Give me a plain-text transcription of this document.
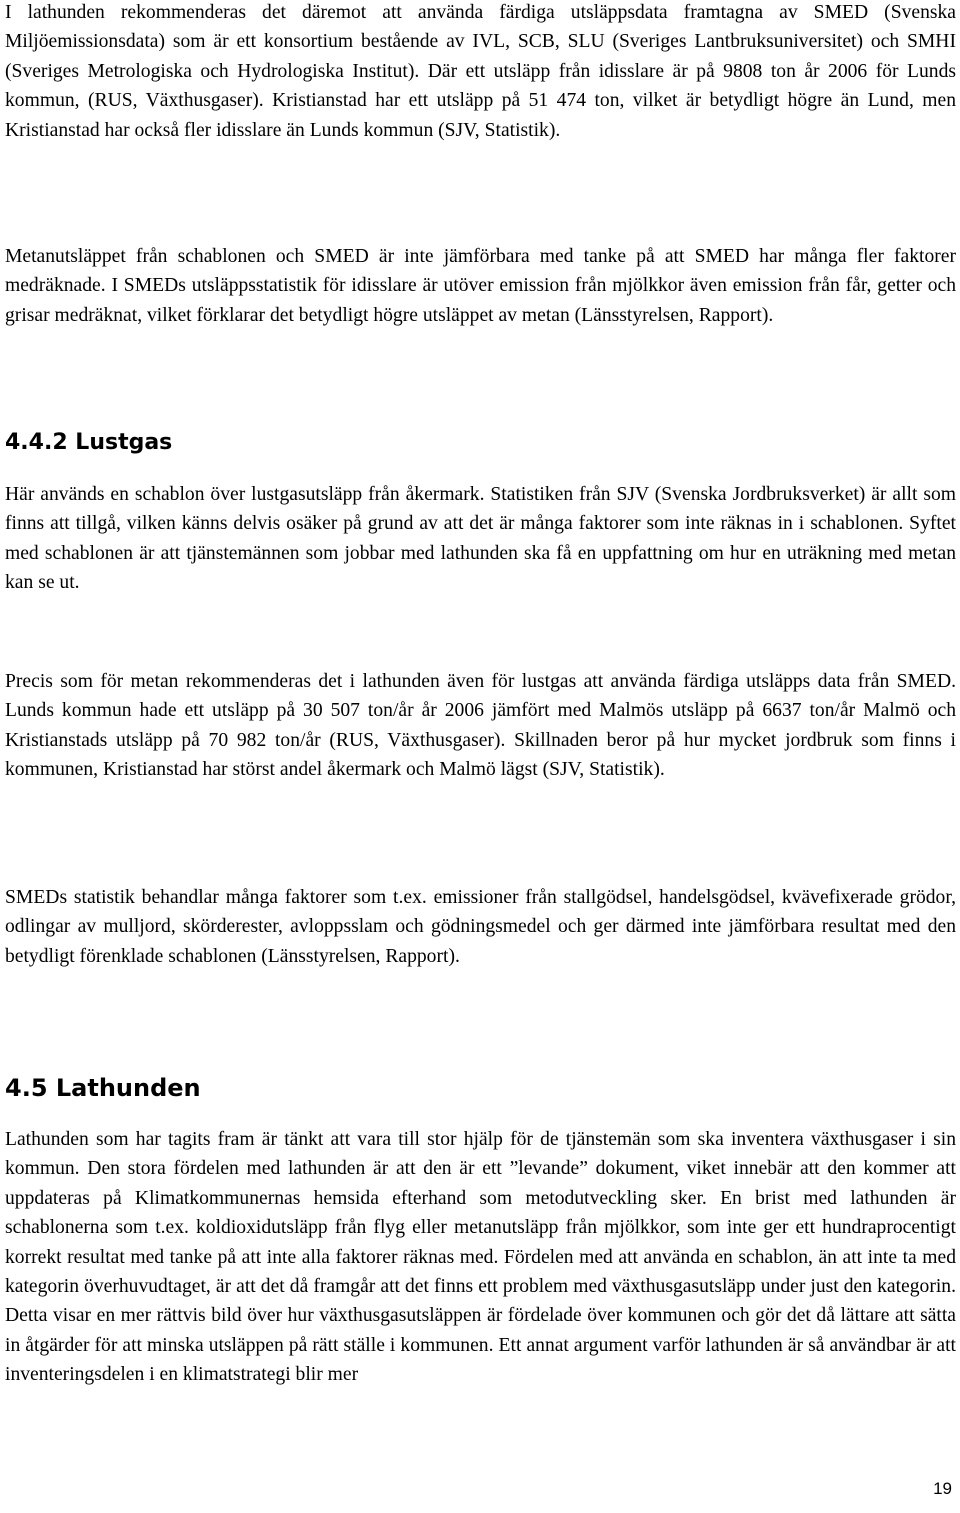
I lathunden rekommenderas det däremot att använda färdiga utsläppsdata framtagna av SMED (Svenska Miljöemissionsdata) som är ett konsortium bestående av IVL, SCB, SLU (Sveriges Lantbruksuniversitet) och SMHI (Sveriges Metrologiska och Hydrologiska Institut). Där ett utsläpp från idisslare är på 9808 ton år 2006 för Lunds kommun, (RUS, Växthusgaser). Kristianstad har ett utsläpp på 51 474 ton, vilket är betydligt högre än Lund, men Kristianstad har också fler idisslare än Lunds kommun (SJV, Statistik).

Metanutsläppet från schablonen och SMED är inte jämförbara med tanke på att SMED har många fler faktorer medräknade. I SMEDs utsläppsstatistik för idisslare är utöver emission från mjölkkor även emission från får, getter och grisar medräknat, vilket förklarar det betydligt högre utsläppet av metan (Länsstyrelsen, Rapport).

4.4.2 Lustgas

Här används en schablon över lustgasutsläpp från åkermark. Statistiken från SJV (Svenska Jordbruksverket) är allt som finns att tillgå, vilken känns delvis osäker på grund av att det är många faktorer som inte räknas in i schablonen. Syftet med schablonen är att tjänstemännen som jobbar med lathunden ska få en uppfattning om hur en uträkning med metan kan se ut.

Precis som för metan rekommenderas det i lathunden även för lustgas att använda färdiga utsläpps data från SMED. Lunds kommun hade ett utsläpp på 30 507 ton/år år 2006 jämfört med Malmös utsläpp på 6637 ton/år Malmö och Kristianstads utsläpp på 70 982 ton/år (RUS, Växthusgaser). Skillnaden beror på hur mycket jordbruk som finns i kommunen, Kristianstad har störst andel åkermark och Malmö lägst (SJV, Statistik).

SMEDs statistik behandlar många faktorer som t.ex. emissioner från stallgödsel, handelsgödsel, kvävefixerade grödor, odlingar av mulljord, skörderester, avloppsslam och gödningsmedel och ger därmed inte jämförbara resultat med den betydligt förenklade schablonen (Länsstyrelsen, Rapport).

4.5 Lathunden

Lathunden som har tagits fram är tänkt att vara till stor hjälp för de tjänstemän som ska inventera växthusgaser i sin kommun. Den stora fördelen med lathunden är att den är ett ”levande” dokument, viket innebär att den kommer att uppdateras på Klimatkommunernas hemsida efterhand som metodutveckling sker. En brist med lathunden är schablonerna som t.ex. koldioxidutsläpp från flyg eller metanutsläpp från mjölkkor, som inte ger ett hundraprocentigt korrekt resultat med tanke på att inte alla faktorer räknas med. Fördelen med att använda en schablon, än att inte ta med kategorin överhuvudtaget, är att det då framgår att det finns ett problem med växthusgasutsläpp under just den kategorin. Detta visar en mer rättvis bild över hur växthusgasutsläppen är fördelade över kommunen och gör det då lättare att sätta in åtgärder för att minska utsläppen på rätt ställe i kommunen. Ett annat argument varför lathunden är så användbar är att inventeringsdelen i en klimatstrategi blir mer

19
